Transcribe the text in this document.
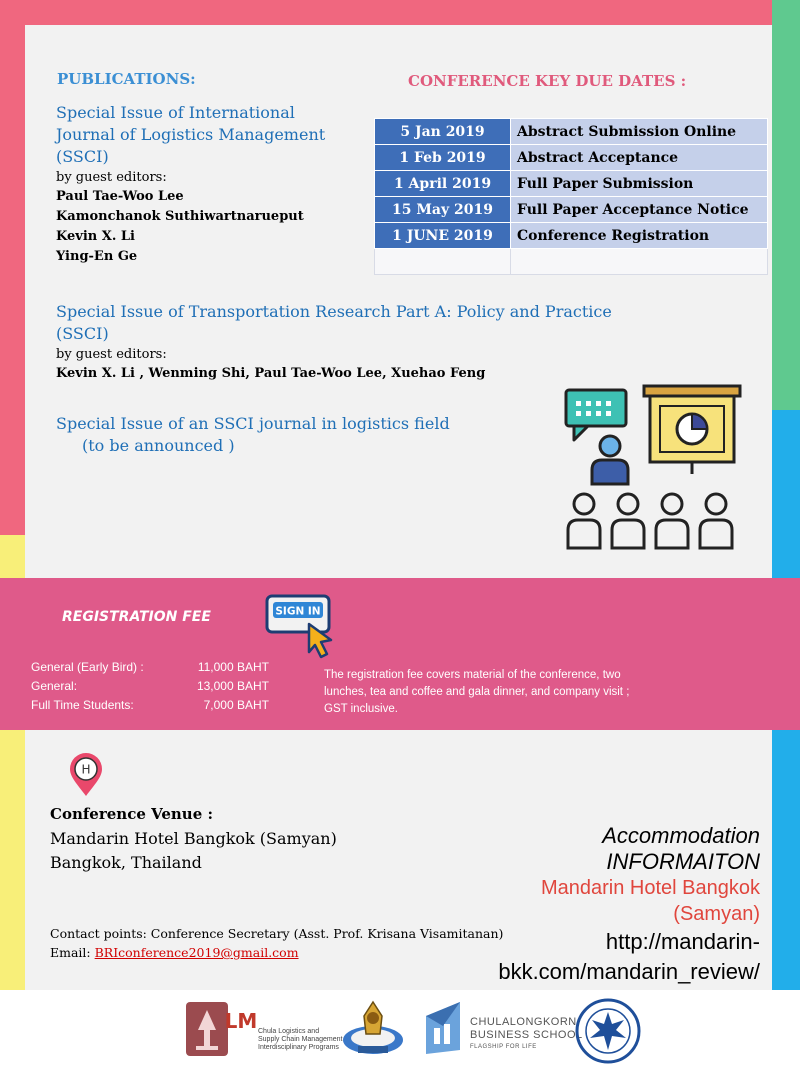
PUBLICATIONS:
Special Issue of International
Journal of Logistics Management
(SSCI)
by guest editors:
Paul Tae-Woo Lee
Kamonchanok Suthiwartnarueput
Kevin X. Li
Ying-En Ge
Special Issue of Transportation Research Part A: Policy and Practice
(SSCI)
by guest editors:
Kevin X. Li , Wenming Shi, Paul Tae-Woo Lee, Xuehao Feng
Special Issue of an SSCI journal in logistics field
(to be announced )
CONFERENCE KEY DUE DATES :
5 Jan 2019	Abstract Submission Online
1 Feb 2019	Abstract Acceptance
1 April 2019	Full Paper Submission
15 May 2019	Full Paper Acceptance Notice
1 JUNE 2019	Conference Registration

REGISTRATION FEE	SIGN IN
General (Early Bird) :	11,000 BAHT
General:	13,000 BAHT
Full Time Students:	7,000 BAHT
The registration fee covers material of the conference, two
lunches, tea and coffee and gala dinner, and company visit ;
GST inclusive.
H
Conference Venue :
Mandarin Hotel Bangkok (Samyan)
Bangkok, Thailand
Contact points: Conference Secretary (Asst. Prof. Krisana Visamitanan)
Email: BRIconference2019@gmail.com
Accommodation
INFORMAITON
Mandarin Hotel Bangkok
(Samyan)
http://mandarin-
bkk.com/mandarin_review/
LM Chula Logistics and
Supply Chain Management
Interdisciplinary Programs
CHULALONGKORN
BUSINESS SCHOOL
FLAGSHIP FOR LIFE
